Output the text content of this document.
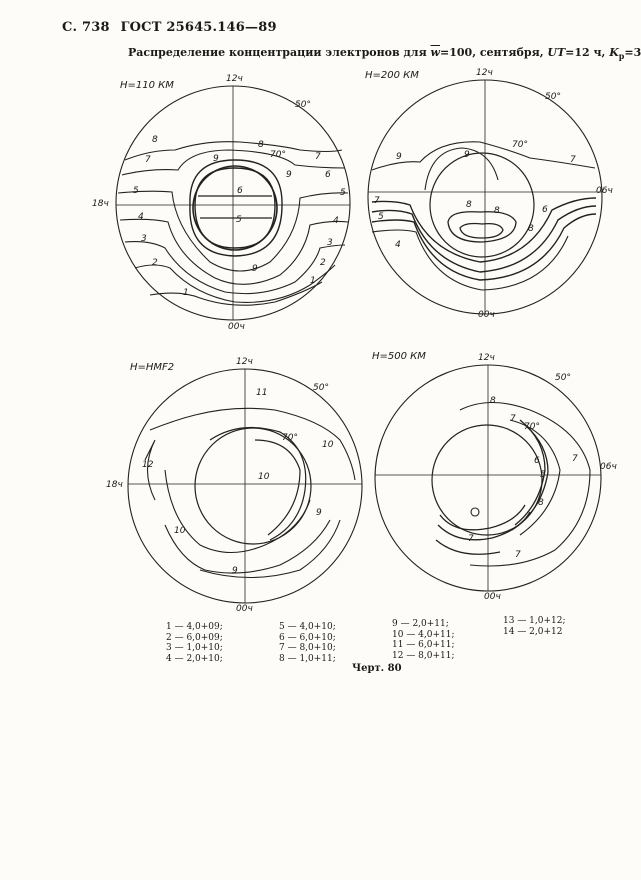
С. 738 ГОСТ 25645.146—89
Распределение концентрации электронов для $\overline{w}=100$, сентября, UT=12 ч, $K_p=3$
H=110 КМ
12ч
18ч
00ч
50°
70°
1
2
3
4
5
5
6
7
8
9
9
9
8
7
6
5
4
3
2
1
H=200 КМ	12ч
06ч
00ч
50°
70°
9	9
8
7
7
6
5
4
8
8
H=HMF2	12ч
18ч
00ч
50°
70°
11
12
10
10
9
9
10
H=500 КМ	12ч
06ч
00ч
50°
70°
8
7
6	7
5
8
7
7
1 — 4,0+09;
2 — 6,0+09;
3 — 1,0+10;
4 — 2,0+10;
5 — 4,0+10;
6 — 6,0+10;
7 — 8,0+10;
8 — 1,0+11;
9 — 2,0+11;
10 — 4,0+11;
11 — 6,0+11;
12 — 8,0+11;
13 — 1,0+12;
14 — 2,0+12
Черт. 80
